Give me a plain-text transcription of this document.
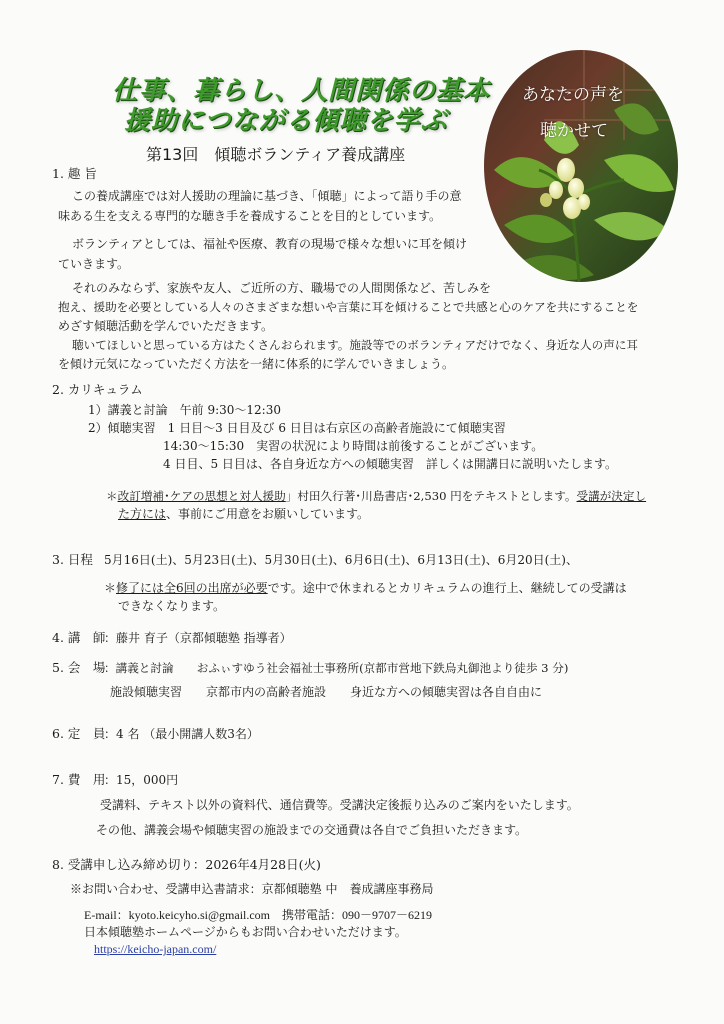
仕事、暮らし、人間関係の基本
援助につながる傾聴を学ぶ
第13回　傾聴ボランティア養成講座
あなたの声を
聴かせて
1. 趣 旨
この養成講座では対人援助の理論に基づき、「傾聴」によって語り手の意
味ある生を支える専門的な聴き手を養成することを目的としています。
ボランティアとしては、福祉や医療、教育の現場で様々な想いに耳を傾け
ていきます。
それのみならず、家族や友人、ご近所の方、職場での人間関係など、苦しみを
抱え、援助を必要としている人々のさまざまな想いや言葉に耳を傾けることで共感と心のケアを共にすることを
めざす傾聴活動を学んでいただきます。
聴いてほしいと思っている方はたくさんおられます。施設等でのボランティアだけでなく、身近な人の声に耳
を傾け元気になっていただく方法を一緒に体系的に学んでいきましょう。
2. カリキュラム
1）講義と討論　午前 9:30～12:30
2）傾聴実習　1 日目～3 日目及び 6 日目は右京区の高齢者施設にて傾聴実習
14:30～15:30　実習の状況により時間は前後することがございます。
4 日目、5 日目は、各自身近な方への傾聴実習　詳しくは開講日に説明いたします。
＊改訂増補･ケアの思想と対人援助」村田久行著･川島書店･2,530 円をテキストとします。受講が決定し
た方には、事前にご用意をお願いしています。
3. 日程 5月16日(土)、5月23日(土)、5月30日(土)、6月6日(土)、6月13日(土)、6月20日(土)、
＊修了には全6回の出席が必要です。途中で休まれるとカリキュラムの進行上、継続しての受講は
できなくなります。
4. 講　師
：藤井 育子（京都傾聴塾 指導者）
5. 会　場
：講義と討論　　おふぃすゆう社会福祉士事務所(京都市営地下鉄烏丸御池より徒歩 3 分)
施設傾聴実習　　京都市内の高齢者施設　　身近な方への傾聴実習は各自自由に
6. 定　員
：4 名 （最小開講人数3名）
7. 費　用
：15，000円
受講料、テキスト以外の資料代、通信費等。受講決定後振り込みのご案内をいたします。
その他、講義会場や傾聴実習の施設までの交通費は各自でご負担いただきます。
8. 受講申し込み締め切り：2026年4月28日(火)
※お問い合わせ、受講申込書請求：京都傾聴塾 中　養成講座事務局
E-mail：kyoto.keicyho.si@gmail.com　携帯電話：090－9707－6219
日本傾聴塾ホームページからもお問い合わせいただけます。
https://keicho-japan.com/
